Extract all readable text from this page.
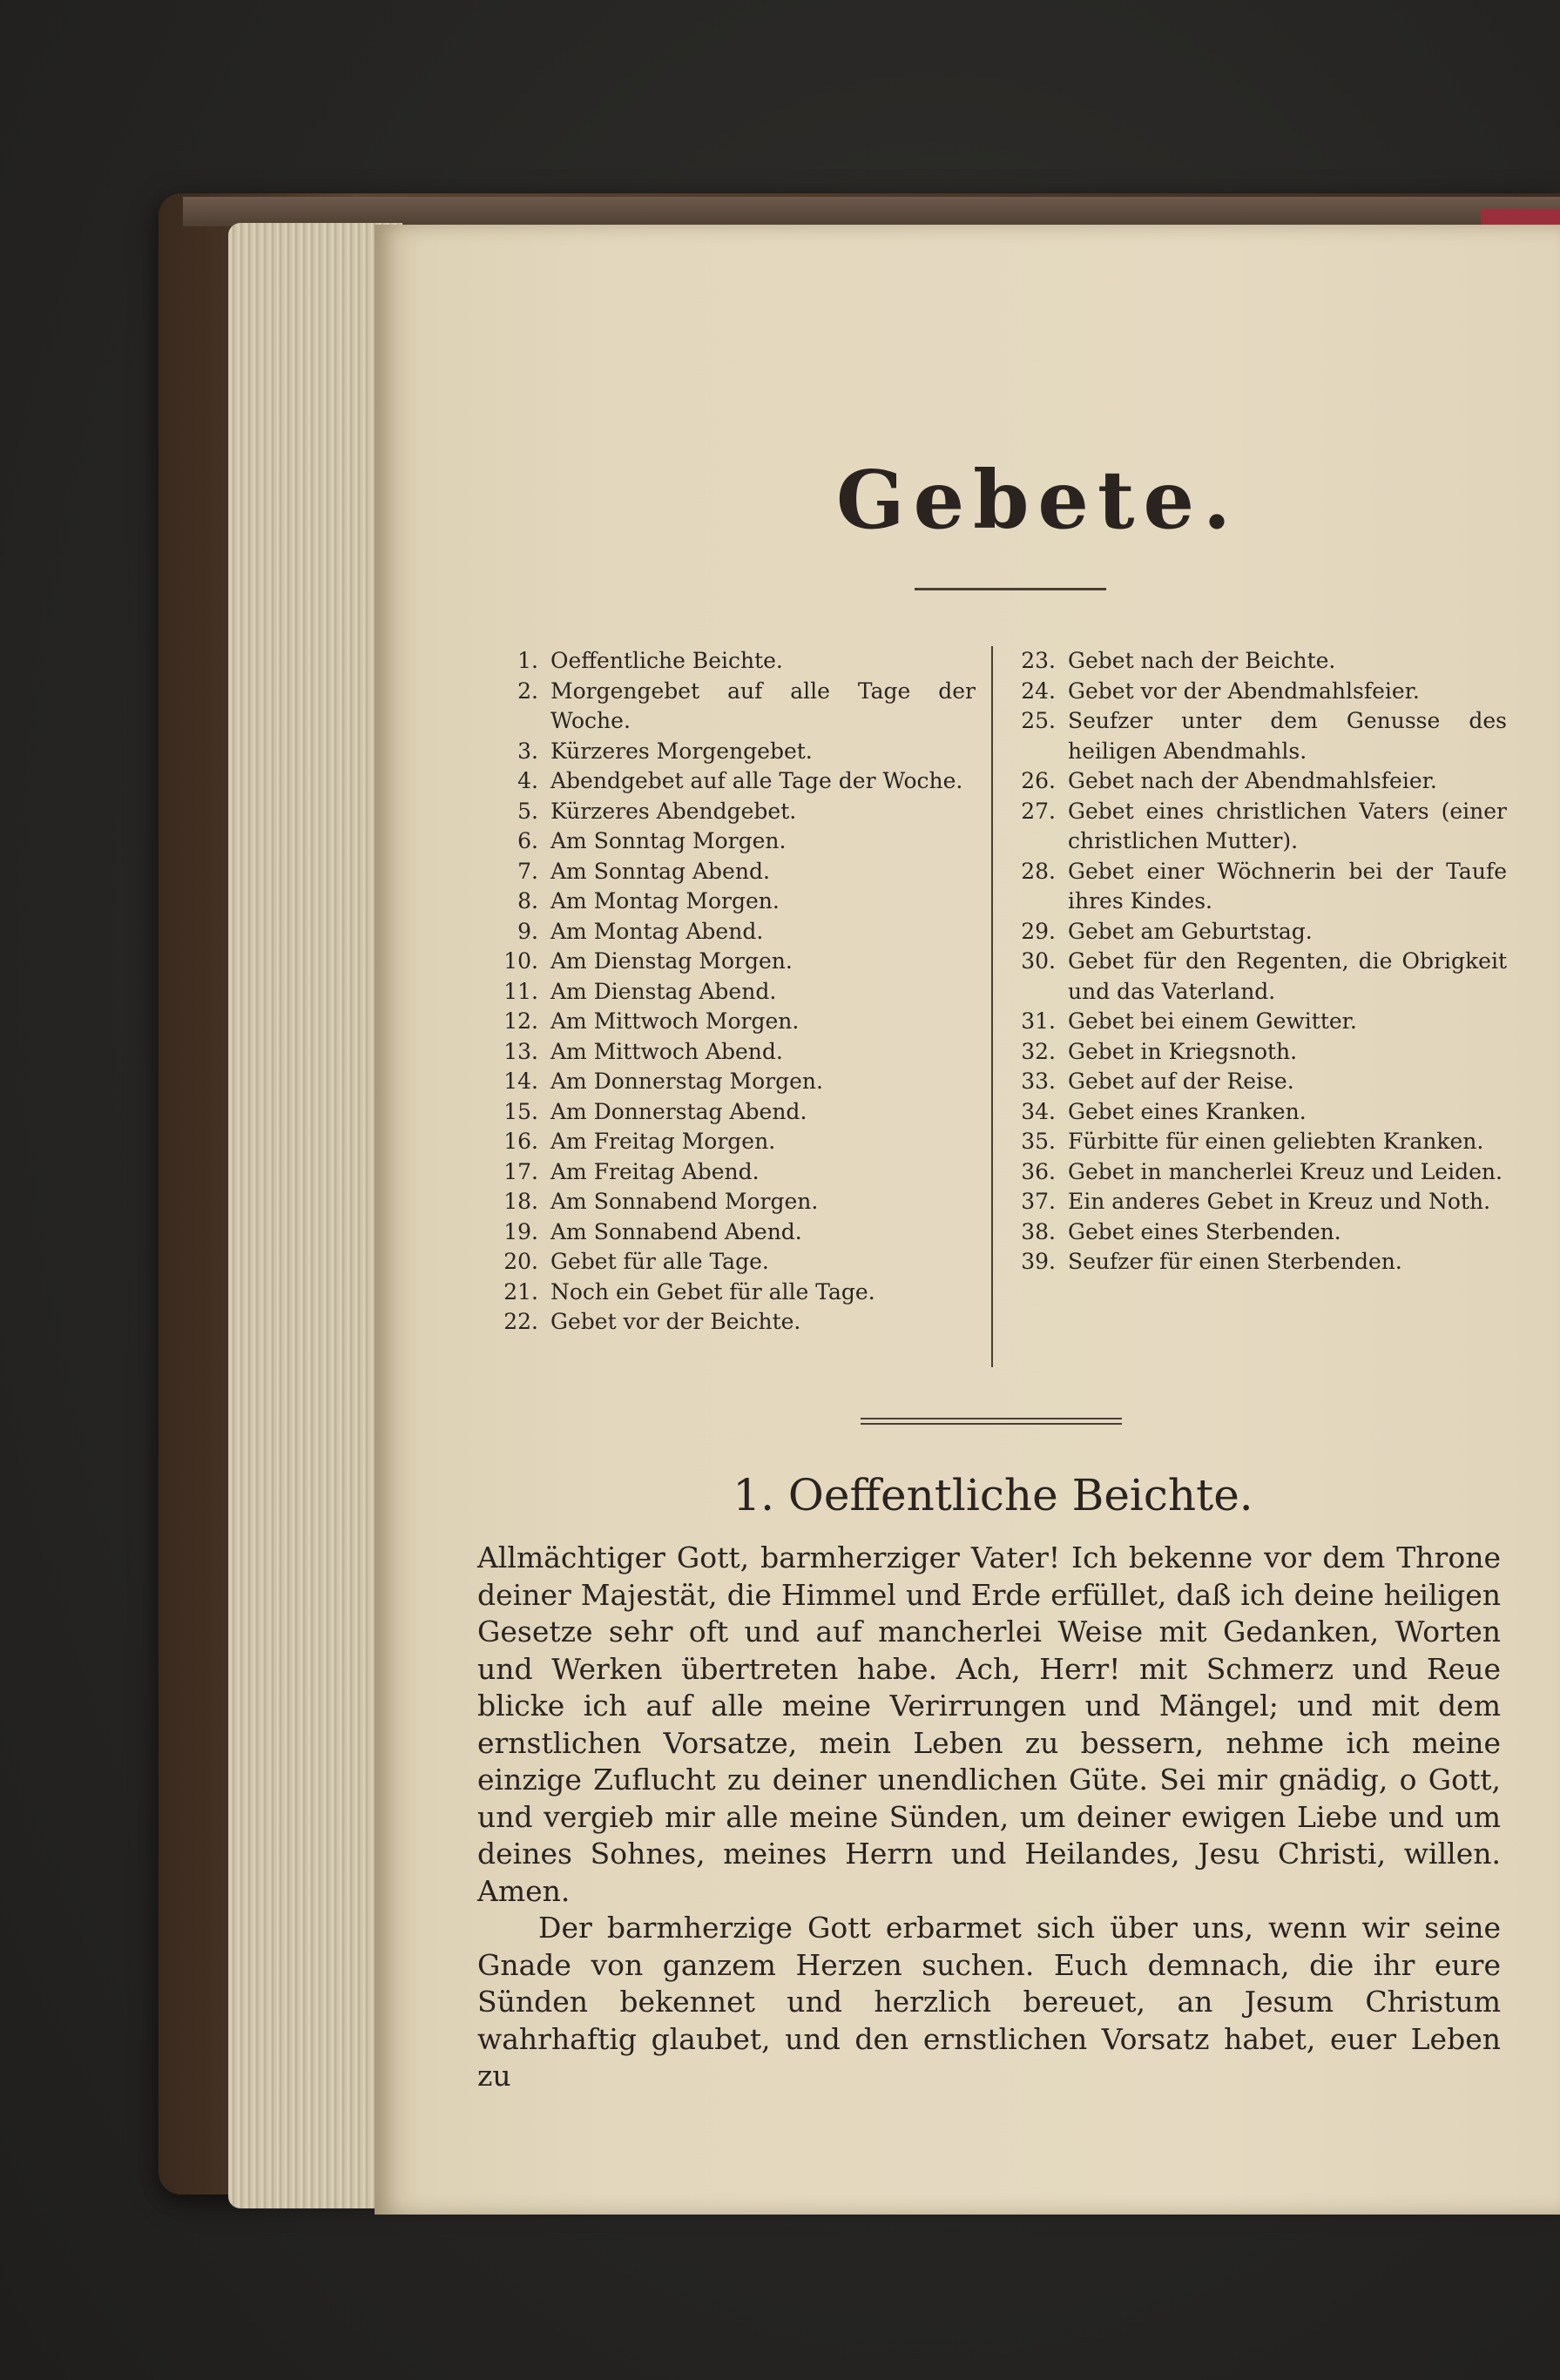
Gebete.
1. Oeffentliche Beichte.
2. Morgengebet auf alle Tage der Woche.
3. Kürzeres Morgengebet.
4. Abendgebet auf alle Tage der Woche.
5. Kürzeres Abendgebet.
6. Am Sonntag Morgen.
7. Am Sonntag Abend.
8. Am Montag Morgen.
9. Am Montag Abend.
10. Am Dienstag Morgen.
11. Am Dienstag Abend.
12. Am Mittwoch Morgen.
13. Am Mittwoch Abend.
14. Am Donnerstag Morgen.
15. Am Donnerstag Abend.
16. Am Freitag Morgen.
17. Am Freitag Abend.
18. Am Sonnabend Morgen.
19. Am Sonnabend Abend.
20. Gebet für alle Tage.
21. Noch ein Gebet für alle Tage.
22. Gebet vor der Beichte.
23. Gebet nach der Beichte.
24. Gebet vor der Abendmahlsfeier.
25. Seufzer unter dem Genusse des heiligen Abendmahls.
26. Gebet nach der Abendmahlsfeier.
27. Gebet eines christlichen Vaters (einer christlichen Mutter).
28. Gebet einer Wöchnerin bei der Taufe ihres Kindes.
29. Gebet am Geburtstag.
30. Gebet für den Regenten, die Obrigkeit und das Vaterland.
31. Gebet bei einem Gewitter.
32. Gebet in Kriegsnoth.
33. Gebet auf der Reise.
34. Gebet eines Kranken.
35. Fürbitte für einen geliebten Kranken.
36. Gebet in mancherlei Kreuz und Leiden.
37. Ein anderes Gebet in Kreuz und Noth.
38. Gebet eines Sterbenden.
39. Seufzer für einen Sterbenden.
1. Oeffentliche Beichte.

Allmächtiger Gott, barmherziger Vater! Ich bekenne vor dem Throne deiner Majestät, die Himmel und Erde erfüllet, daß ich deine heiligen Gesetze sehr oft und auf mancherlei Weise mit Gedanken, Worten und Werken übertreten habe. Ach, Herr! mit Schmerz und Reue blicke ich auf alle meine Verirrungen und Mängel; und mit dem ernstlichen Vorsatze, mein Leben zu bessern, nehme ich meine einzige Zuflucht zu deiner unendlichen Güte. Sei mir gnädig, o Gott, und vergieb mir alle meine Sünden, um deiner ewigen Liebe und um deines Sohnes, meines Herrn und Heilandes, Jesu Christi, willen. Amen.

Der barmherzige Gott erbarmet sich über uns, wenn wir seine Gnade von ganzem Herzen suchen. Euch demnach, die ihr eure Sünden bekennet und herzlich bereuet, an Jesum Christum wahrhaftig glaubet, und den ernstlichen Vorsatz habet, euer Leben zu
